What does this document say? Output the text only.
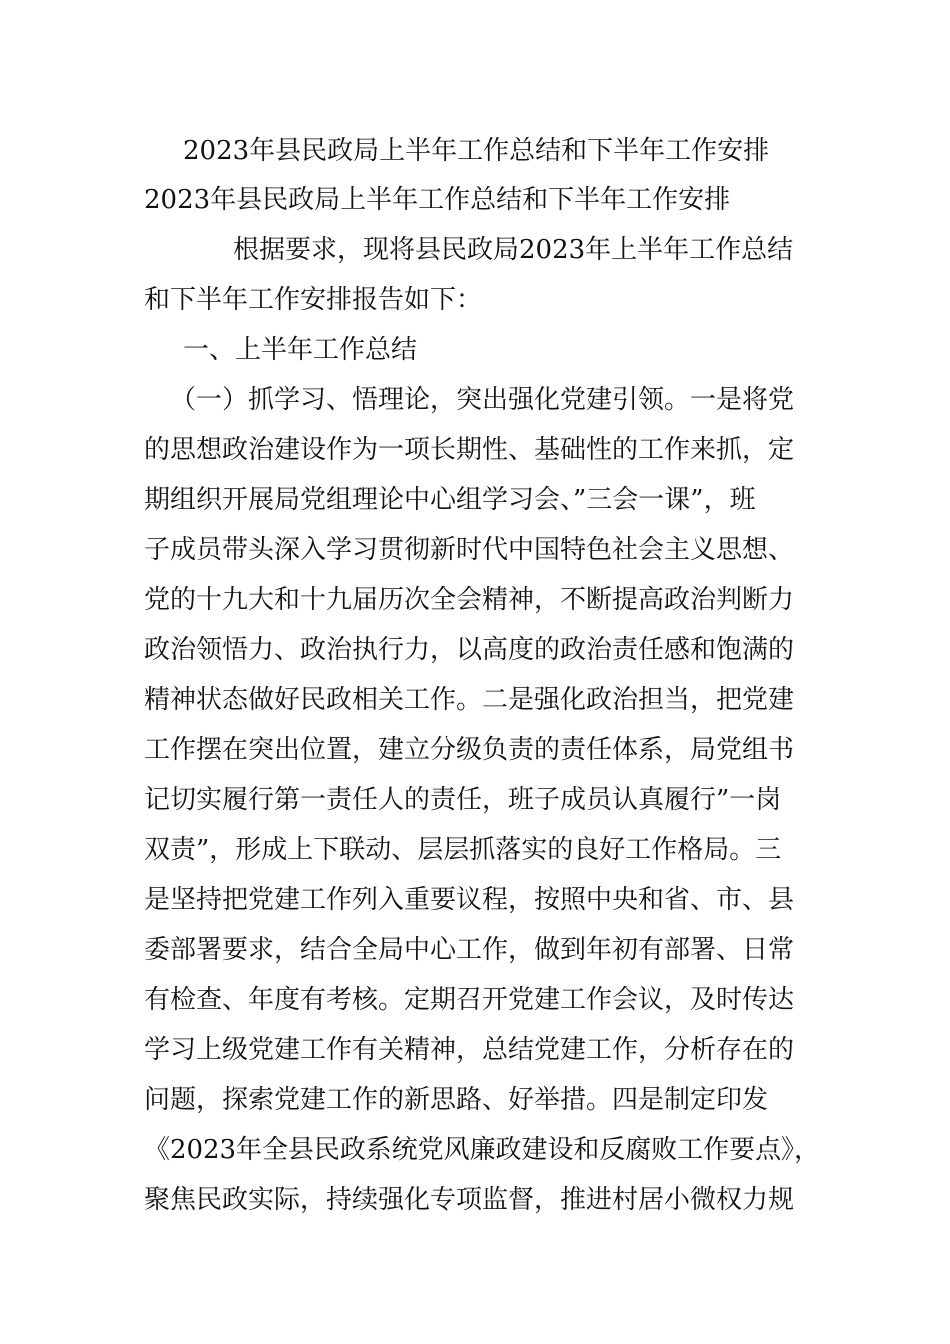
2023年县民政局上半年工作总结和下半年工作安排
2023年县民政局上半年工作总结和下半年工作安排
根据要求，现将县民政局2023年上半年工作总结
和下半年工作安排报告如下：
一、上半年工作总结
（一）抓学习、悟理论，突出强化党建引领。一是将党
的思想政治建设作为一项长期性、基础性的工作来抓，定
期组织开展局党组理论中心组学习会、”三会一课”，班
子成员带头深入学习贯彻新时代中国特色社会主义思想、
党的十九大和十九届历次全会精神，不断提高政治判断力
政治领悟力、政治执行力，以高度的政治责任感和饱满的
精神状态做好民政相关工作。二是强化政治担当，把党建
工作摆在突出位置，建立分级负责的责任体系，局党组书
记切实履行第一责任人的责任，班子成员认真履行”一岗
双责”，形成上下联动、层层抓落实的良好工作格局。三
是坚持把党建工作列入重要议程，按照中央和省、市、县
委部署要求，结合全局中心工作，做到年初有部署、日常
有检查、年度有考核。定期召开党建工作会议，及时传达
学习上级党建工作有关精神，总结党建工作，分析存在的
问题，探索党建工作的新思路、好举措。四是制定印发
《2023年全县民政系统党风廉政建设和反腐败工作要点》，
聚焦民政实际，持续强化专项监督，推进村居小微权力规
